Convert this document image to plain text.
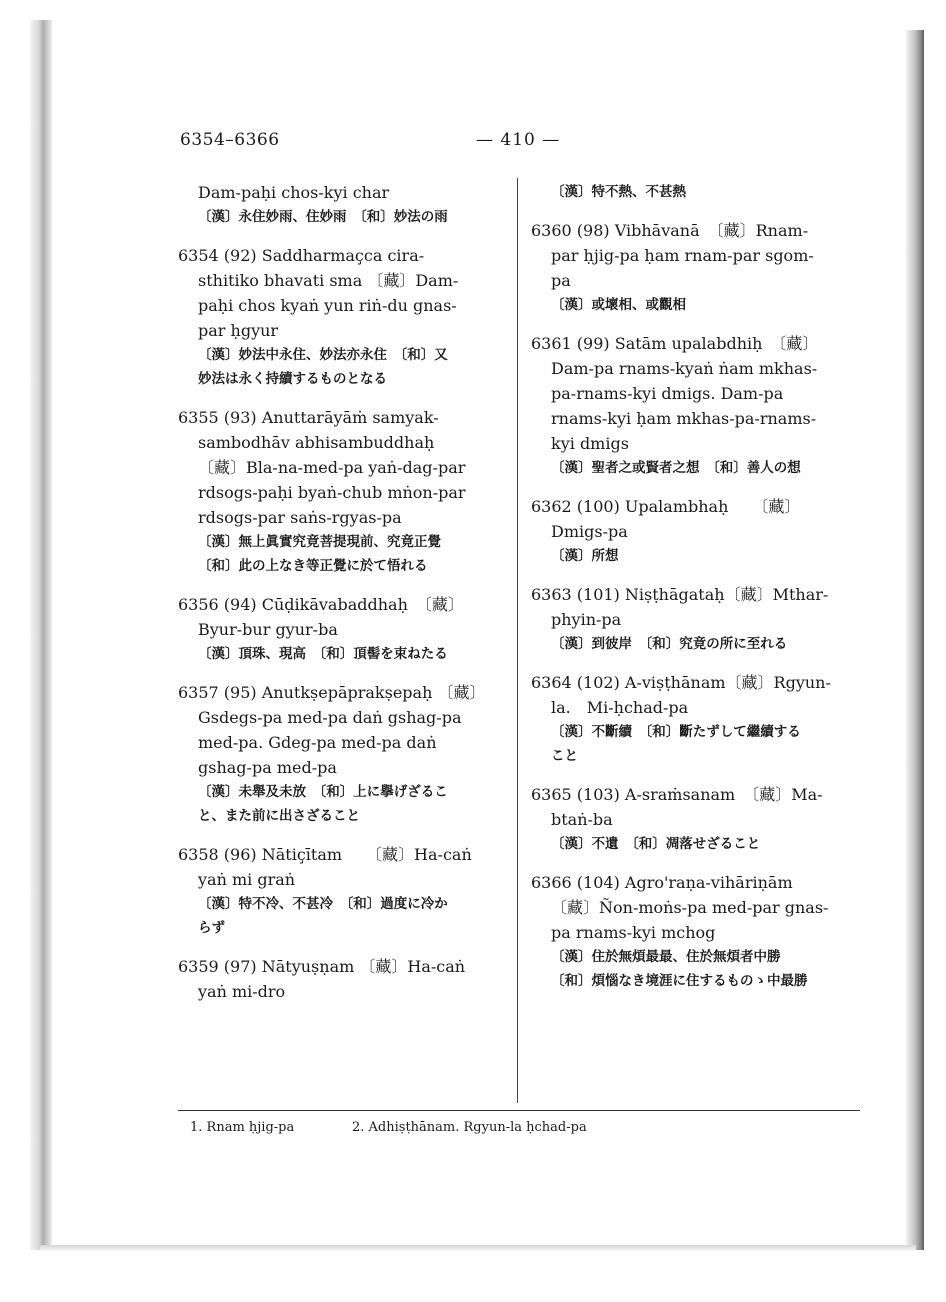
6354–6366	— 410 —
Dam-paḥi chos-kyi char
〔漢〕永住妙雨、住妙雨　〔和〕妙法の雨
6354 (92) Saddharmaçca cira-
sthitiko bhavati sma 〔藏〕Dam-
paḥi chos kyaṅ yun riṅ-du gnas-
par ḥgyur
〔漢〕妙法中永住、妙法亦永住　〔和〕又
妙法は永く持續するものとなる
6355 (93) Anuttarāyāṁ samyak-
sambodhāv abhisambuddhaḥ
〔藏〕Bla-na-med-pa yaṅ-dag-par
rdsogs-paḥi byaṅ-chub mṅon-par
rdsogs-par saṅs-rgyas-pa
〔漢〕無上眞實究竟菩提現前、究竟正覺
〔和〕此の上なき等正覺に於て悟れる
6356 (94) Cūḍikāvabaddhaḥ　〔藏〕
Byur-bur gyur-ba
〔漢〕頂珠、現高　〔和〕頂髻を束ねたる
6357 (95) Anutkṣepāprakṣepaḥ 〔藏〕
Gsdegs-pa med-pa daṅ gshag-pa
med-pa. Gdeg-pa med-pa daṅ
gshag-pa med-pa
〔漢〕未舉及未放　〔和〕上に擧げざるこ
と、また前に出さざること
6358 (96) Nātiçītam　　〔藏〕Ha-caṅ
yaṅ mi graṅ
〔漢〕特不冷、不甚冷　〔和〕過度に冷か
らず
6359 (97) Nātyuṣṇam 〔藏〕Ha-caṅ
yaṅ mi-dro
〔漢〕特不熱、不甚熱
6360 (98) Vibhāvanā　〔藏〕Rnam-
par ḥjig-pa ḥam rnam-par sgom-
pa
〔漢〕或壞相、或觀相
6361 (99) Satām upalabdhiḥ　〔藏〕
Dam-pa rnams-kyaṅ ṅam mkhas-
pa-rnams-kyi dmigs. Dam-pa
rnams-kyi ḥam mkhas-pa-rnams-
kyi dmigs
〔漢〕聖者之或賢者之想　〔和〕善人の想
6362 (100) Upalambhaḥ　　〔藏〕
Dmigs-pa
〔漢〕所想
6363 (101) Niṣṭhāgataḥ〔藏〕Mthar-
phyin-pa
〔漢〕到彼岸　〔和〕究竟の所に至れる
6364 (102) A-viṣṭhānam〔藏〕Rgyun-
la.　Mi-ḥchad-pa
〔漢〕不斷續　〔和〕斷たずして繼續する
こと
6365 (103) A-sraṁsanam　〔藏〕Ma-
btaṅ-ba
〔漢〕不遺　〔和〕凋落せざること
6366 (104) Agro'raṇa-vihāriṇām
〔藏〕Ñon-moṅs-pa med-par gnas-
pa rnams-kyi mchog
〔漢〕住於無煩最最、住於無煩者中勝
〔和〕煩惱なき境涯に住するものゝ中最勝
1. Rnam ḥjig-pa	2. Adhiṣṭhānam. Rgyun-la ḥchad-pa
